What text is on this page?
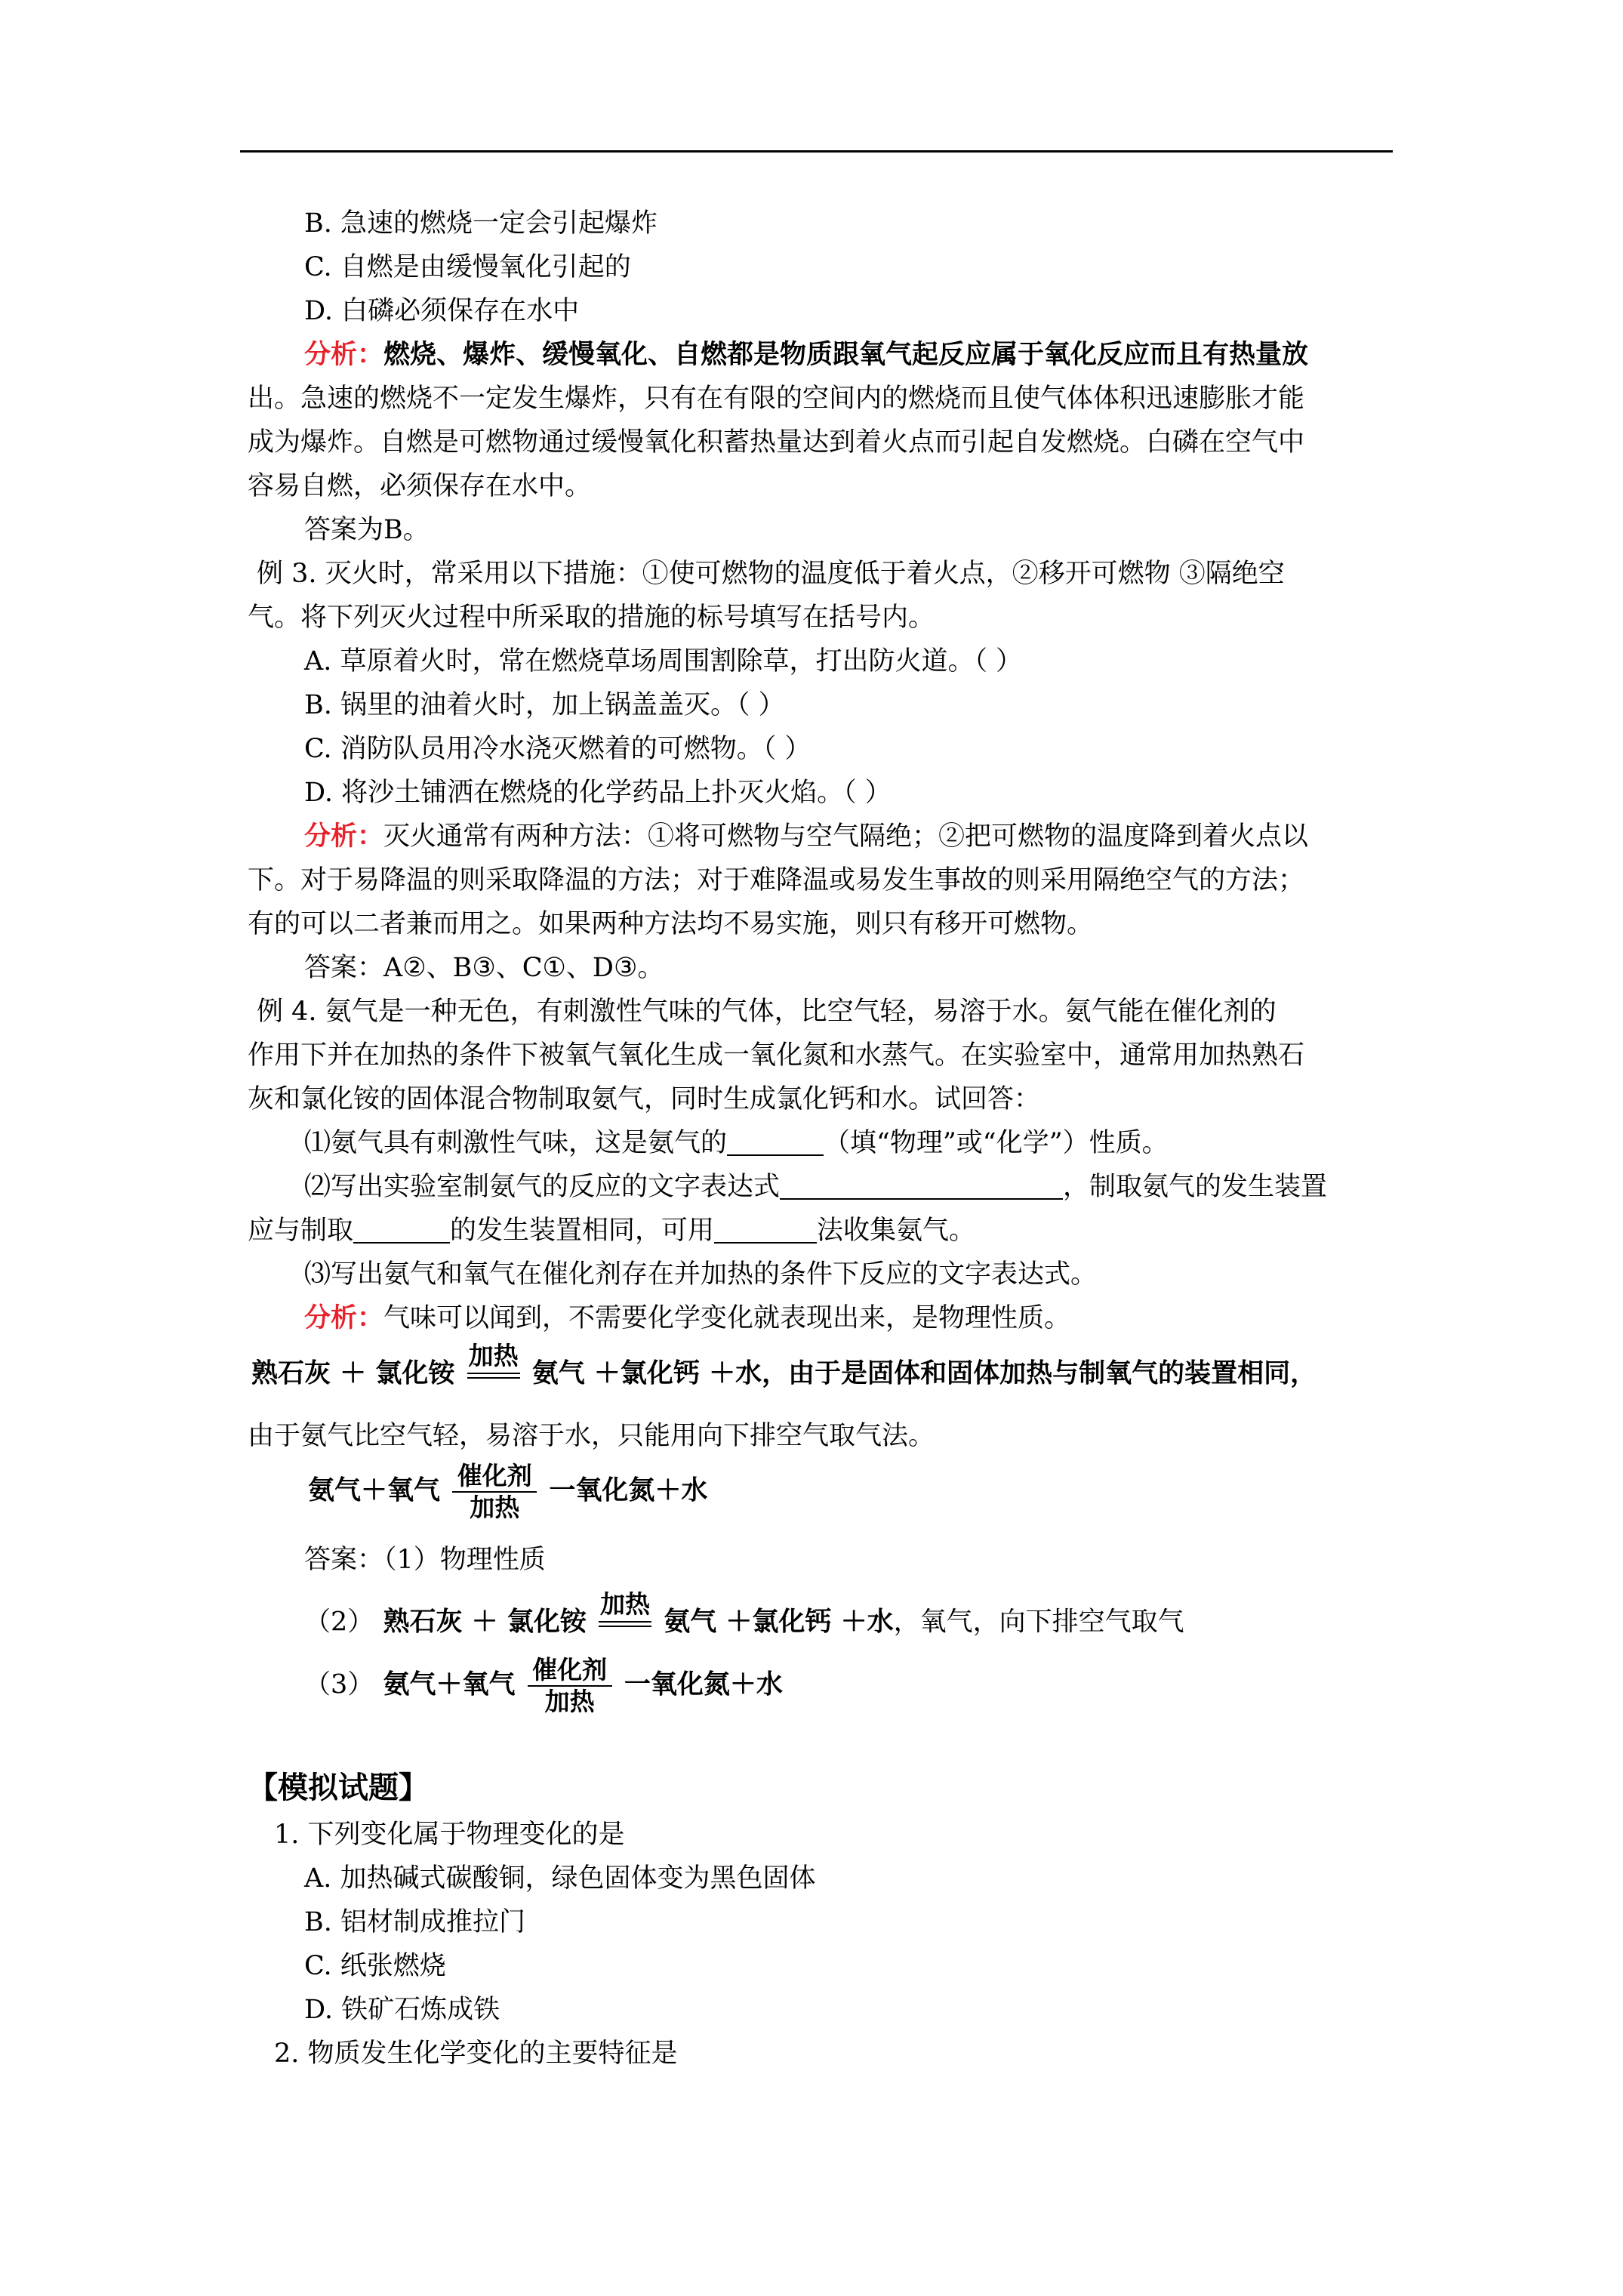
B. 急速的燃烧一定会引起爆炸
C. 自燃是由缓慢氧化引起的
D. 白磷必须保存在水中
分析：燃烧、爆炸、缓慢氧化、自燃都是物质跟氧气起反应属于氧化反应而且有热量放
出。急速的燃烧不一定发生爆炸，只有在有限的空间内的燃烧而且使气体体积迅速膨胀才能
成为爆炸。自燃是可燃物通过缓慢氧化积蓄热量达到着火点而引起自发燃烧。白磷在空气中
容易自燃，必须保存在水中。
答案为B。
例 3. 灭火时，常采用以下措施：①使可燃物的温度低于着火点，②移开可燃物 ③隔绝空
气。将下列灭火过程中所采取的措施的标号填写在括号内。
A. 草原着火时，常在燃烧草场周围割除草，打出防火道。（ ）
B. 锅里的油着火时，加上锅盖盖灭。（ ）
C. 消防队员用冷水浇灭燃着的可燃物。（ ）
D. 将沙土铺洒在燃烧的化学药品上扑灭火焰。（ ）
分析：灭火通常有两种方法：①将可燃物与空气隔绝；②把可燃物的温度降到着火点以
下。对于易降温的则采取降温的方法；对于难降温或易发生事故的则采用隔绝空气的方法；
有的可以二者兼而用之。如果两种方法均不易实施，则只有移开可燃物。
答案：A②、B③、C①、D③。
例 4. 氨气是一种无色，有刺激性气味的气体，比空气轻，易溶于水。氨气能在催化剂的
作用下并在加热的条件下被氧气氧化生成一氧化氮和水蒸气。在实验室中，通常用加热熟石
灰和氯化铵的固体混合物制取氨气，同时生成氯化钙和水。试回答：
⑴氨气具有刺激性气味，这是氨气的	（填“物理”或“化学”）性质。
⑵写出实验室制氨气的反应的文字表达式	，制取氨气的发生装置
应与制取	的发生装置相同，可用	法收集氨气。
⑶写出氨气和氧气在催化剂存在并加热的条件下反应的文字表达式。
分析：气味可以闻到，不需要化学变化就表现出来，是物理性质。
熟石灰 ＋ 氯化铵
加热
氨气 ＋氯化钙 ＋水，由于是固体和固体加热与制氧气的装置相同，
由于氨气比空气轻，易溶于水，只能用向下排空气取气法。
氨气＋氧气 催化剂
加热
一氧化氮＋水
答案：（1）物理性质
（2） 熟石灰 ＋ 氯化铵
加热
氨气 ＋氯化钙 ＋水，氧气，向下排空气取气
（3） 氨气＋氧气 催化剂
加热
一氧化氮＋水
【模拟试题】
1. 下列变化属于物理变化的是
A. 加热碱式碳酸铜，绿色固体变为黑色固体
B. 铝材制成推拉门
C. 纸张燃烧
D. 铁矿石炼成铁
2. 物质发生化学变化的主要特征是
